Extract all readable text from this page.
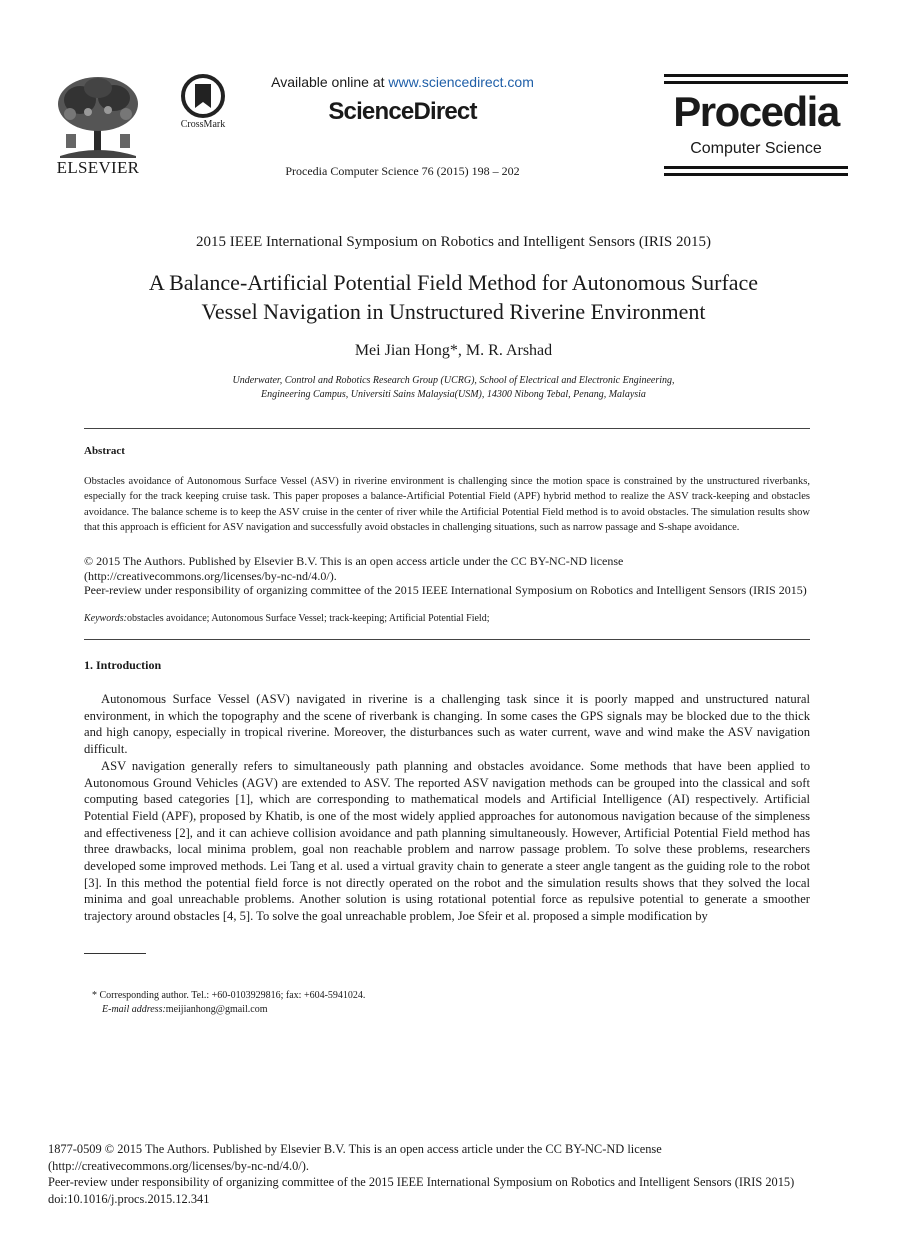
ELSEVIER
CrossMark
Available online at www.sciencedirect.com
ScienceDirect
Procedia Computer Science 76 (2015) 198 – 202
Procedia
Computer Science
2015 IEEE International Symposium on Robotics and Intelligent Sensors (IRIS 2015)
A Balance-Artificial Potential Field Method for Autonomous Surface
Vessel Navigation in Unstructured Riverine Environment
Mei Jian Hong*, M. R. Arshad
Underwater, Control and Robotics Research Group (UCRG), School of Electrical and Electronic Engineering,
Engineering Campus, Universiti Sains Malaysia(USM), 14300 Nibong Tebal, Penang, Malaysia
Abstract
Obstacles avoidance of Autonomous Surface Vessel (ASV) in riverine environment is challenging since the motion space is constrained by the unstructured riverbanks, especially for the track keeping cruise task. This paper proposes a balance-Artificial Potential Field (APF) hybrid method to realize the ASV track-keeping and obstacles avoidance. The balance scheme is to keep the ASV cruise in the center of river while the Artificial Potential Field method is to avoid obstacles. The simulation results show that this approach is efficient for ASV navigation and successfully avoid obstacles in challenging situations, such as narrow passage and S-shape avoidance.
© 2015 The Authors. Published by Elsevier B.V. This is an open access article under the CC BY-NC-ND license
(http://creativecommons.org/licenses/by-nc-nd/4.0/).
Peer-review under responsibility of organizing committee of the 2015 IEEE International Symposium on Robotics and Intelligent Sensors (IRIS 2015)
Keywords:obstacles avoidance; Autonomous Surface Vessel; track-keeping; Artificial Potential Field;
1. Introduction

Autonomous Surface Vessel (ASV) navigated in riverine is a challenging task since it is poorly mapped and unstructured natural environment, in which the topography and the scene of riverbank is changing. In some cases the GPS signals may be blocked due to the thick and high canopy, especially in tropical riverine. Moreover, the disturbances such as water current, wave and wind make the ASV navigation difficult.

ASV navigation generally refers to simultaneously path planning and obstacles avoidance. Some methods that have been applied to Autonomous Ground Vehicles (AGV) are extended to ASV. The reported ASV navigation methods can be grouped into the classical and soft computing based categories [1], which are corresponding to mathematical models and Artificial Intelligence (AI) respectively. Artificial Potential Field (APF), proposed by Khatib, is one of the most widely applied approaches for autonomous navigation because of the simpleness and effectiveness [2], and it can achieve collision avoidance and path planning simultaneously. However, Artificial Potential Field method has three drawbacks, local minima problem, goal non reachable problem and narrow passage problem. To solve these problems, researchers developed some improved methods. Lei Tang et al. used a virtual gravity chain to generate a steer angle tangent as the guiding role to the robot [3]. In this method the potential field force is not directly operated on the robot and the simulation results shows that they solved the local minima and goal unreachable problems. Another solution is using rotational potential force as repulsive potential to generate a smoother trajectory around obstacles [4, 5]. To solve the goal unreachable problem, Joe Sfeir et al. proposed a simple modification by

* Corresponding author. Tel.: +60-0103929816; fax: +604-5941024.
E-mail address:meijianhong@gmail.com
1877-0509 © 2015 The Authors. Published by Elsevier B.V. This is an open access article under the CC BY-NC-ND license
(http://creativecommons.org/licenses/by-nc-nd/4.0/).
Peer-review under responsibility of organizing committee of the 2015 IEEE International Symposium on Robotics and Intelligent Sensors (IRIS 2015)
doi:10.1016/j.procs.2015.12.341
